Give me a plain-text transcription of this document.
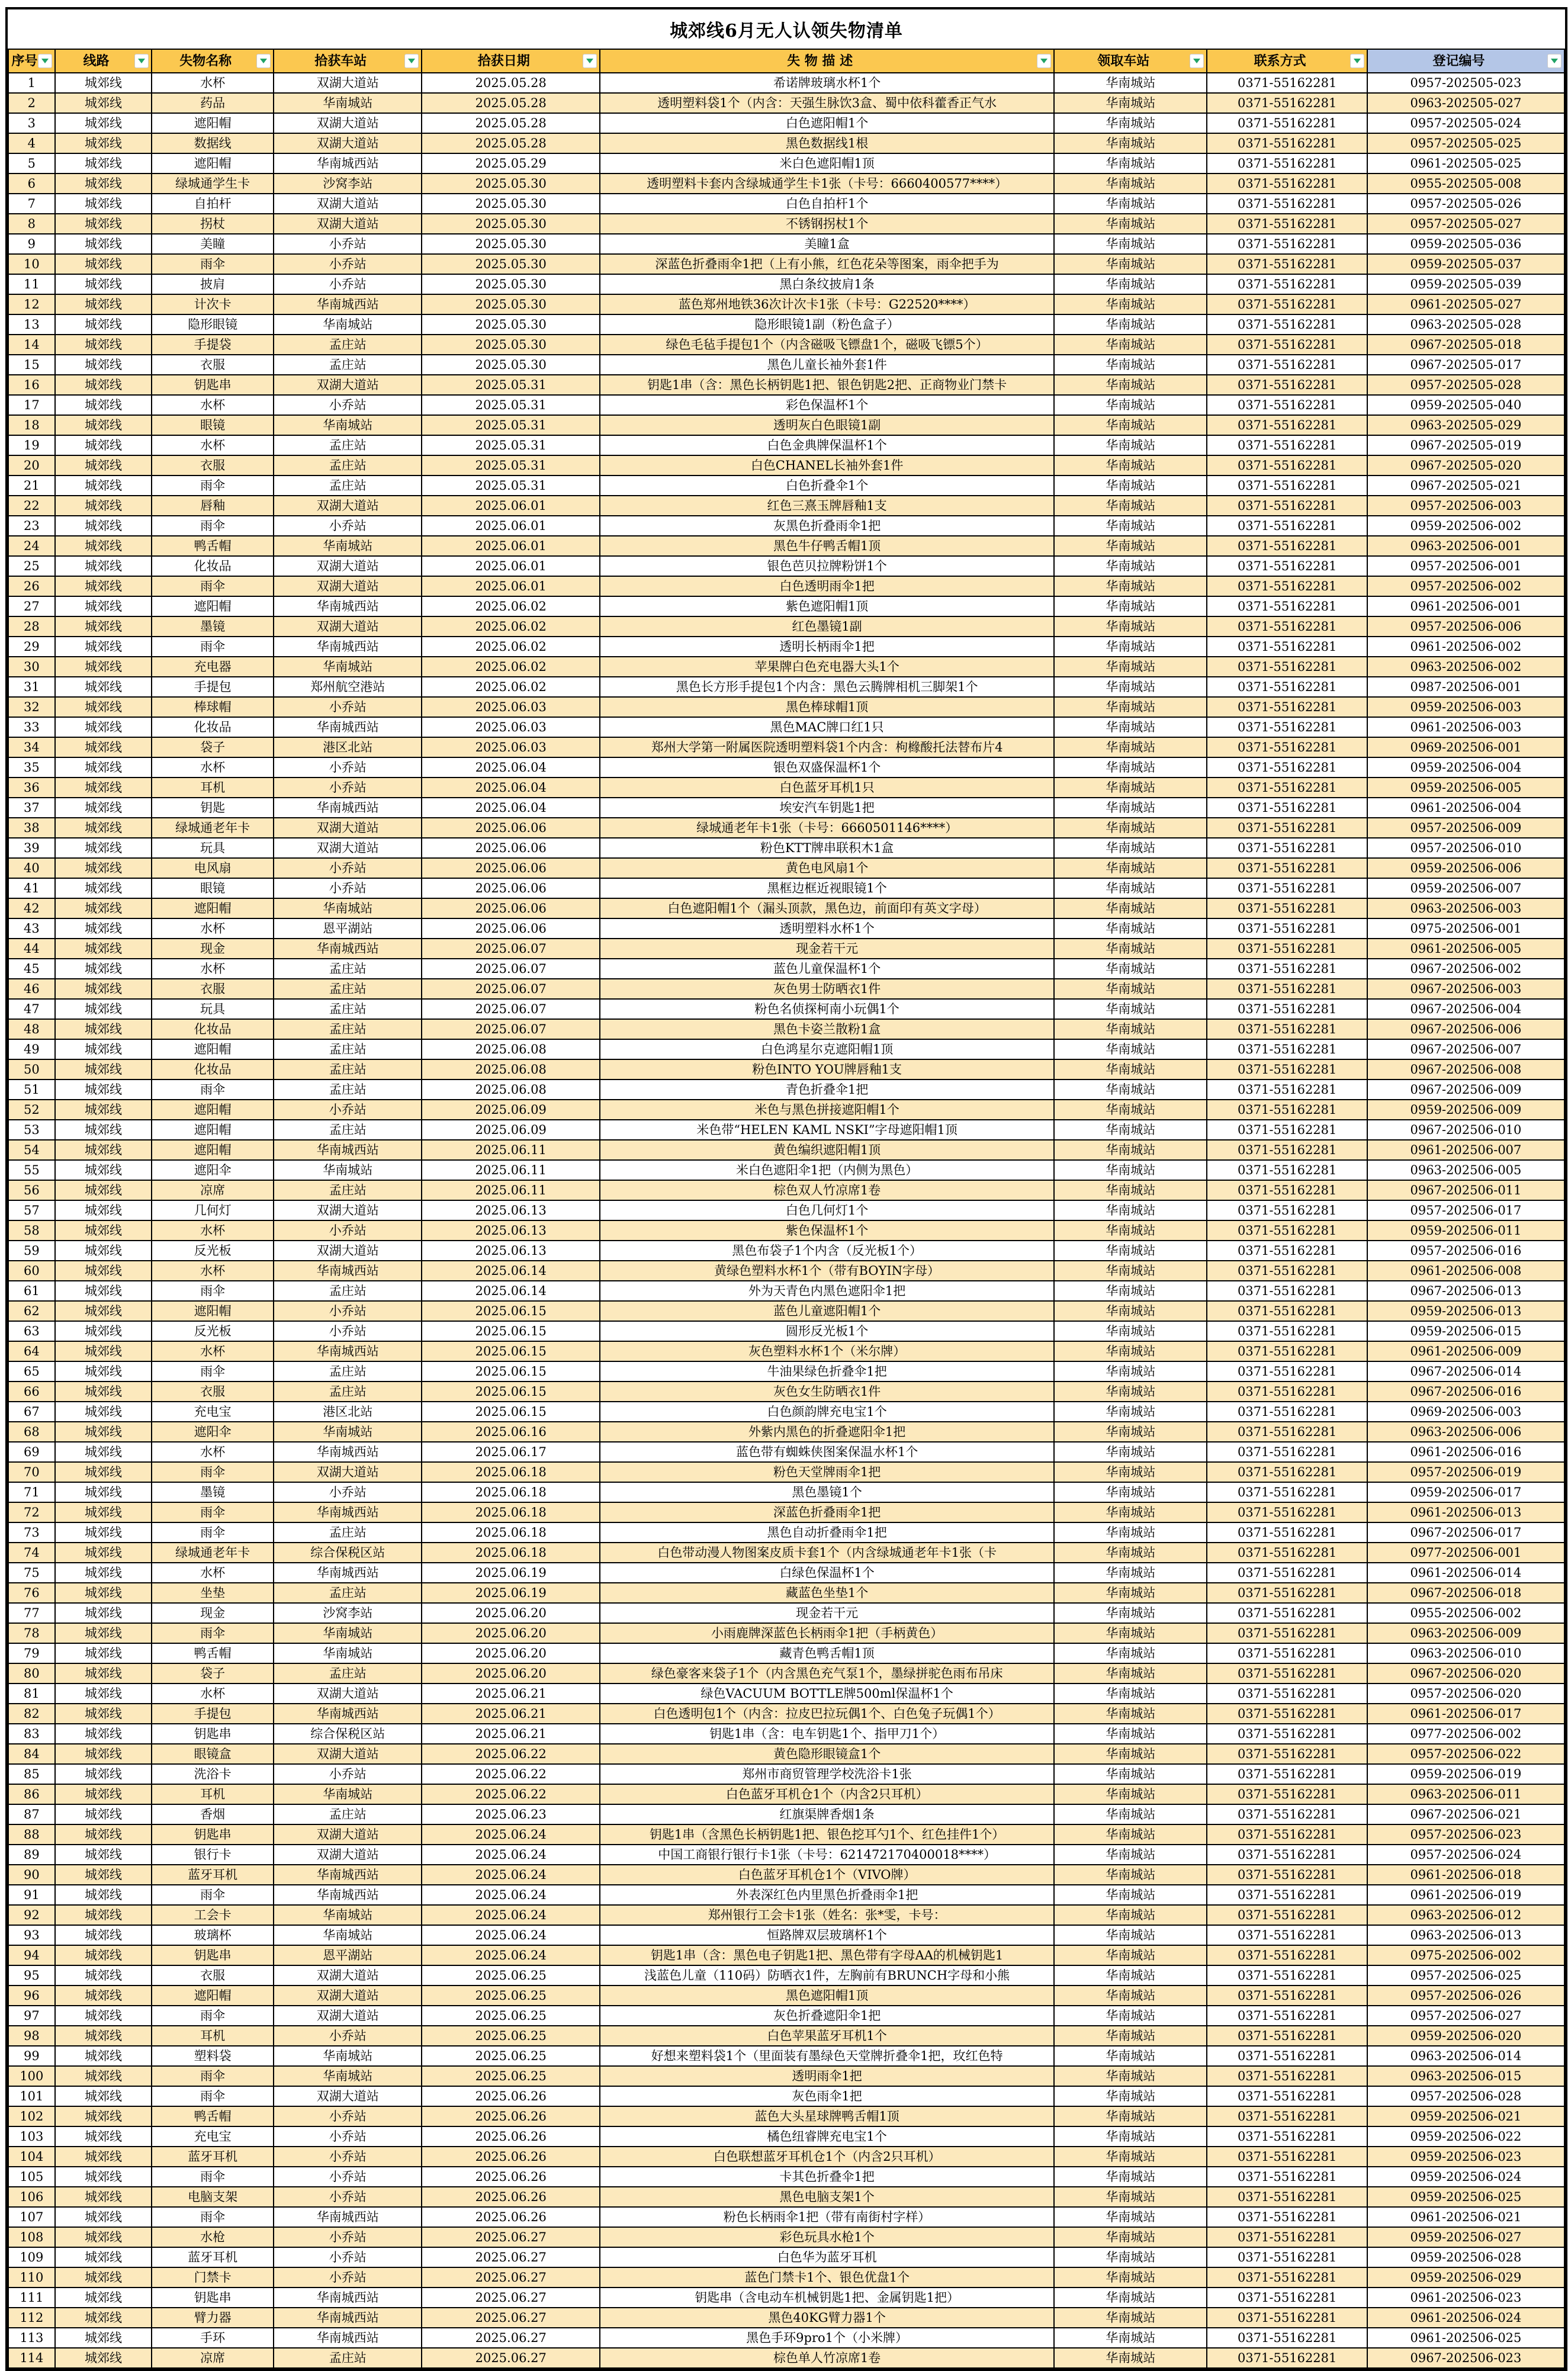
城郊线6月无人认领失物清单
序号	线路	失物名称	拾获车站	拾获日期	失 物 描 述	领取车站	联系方式	登记编号

1	城郊线	水杯	双湖大道站	2025.05.28	希诺牌玻璃水杯1个	华南城站	0371-55162281	0957-202505-023
2	城郊线	药品	华南城站	2025.05.28	透明塑料袋1个（内含：天强生脉饮3盒、蜀中依科藿香正气水	华南城站	0371-55162281	0963-202505-027
3	城郊线	遮阳帽	双湖大道站	2025.05.28	白色遮阳帽1个	华南城站	0371-55162281	0957-202505-024
4	城郊线	数据线	双湖大道站	2025.05.28	黑色数据线1根	华南城站	0371-55162281	0957-202505-025
5	城郊线	遮阳帽	华南城西站	2025.05.29	米白色遮阳帽1顶	华南城站	0371-55162281	0961-202505-025
6	城郊线	绿城通学生卡	沙窝李站	2025.05.30	透明塑料卡套内含绿城通学生卡1张（卡号：6660400577****）	华南城站	0371-55162281	0955-202505-008
7	城郊线	自拍杆	双湖大道站	2025.05.30	白色自拍杆1个	华南城站	0371-55162281	0957-202505-026
8	城郊线	拐杖	双湖大道站	2025.05.30	不锈钢拐杖1个	华南城站	0371-55162281	0957-202505-027
9	城郊线	美瞳	小乔站	2025.05.30	美瞳1盒	华南城站	0371-55162281	0959-202505-036
10	城郊线	雨伞	小乔站	2025.05.30	深蓝色折叠雨伞1把（上有小熊，红色花朵等图案，雨伞把手为	华南城站	0371-55162281	0959-202505-037
11	城郊线	披肩	小乔站	2025.05.30	黑白条纹披肩1条	华南城站	0371-55162281	0959-202505-039
12	城郊线	计次卡	华南城西站	2025.05.30	蓝色郑州地铁36次计次卡1张（卡号：G22520****）	华南城站	0371-55162281	0961-202505-027
13	城郊线	隐形眼镜	华南城站	2025.05.30	隐形眼镜1副（粉色盒子）	华南城站	0371-55162281	0963-202505-028
14	城郊线	手提袋	孟庄站	2025.05.30	绿色毛毡手提包1个（内含磁吸飞镖盘1个，磁吸飞镖5个）	华南城站	0371-55162281	0967-202505-018
15	城郊线	衣服	孟庄站	2025.05.30	黑色儿童长袖外套1件	华南城站	0371-55162281	0967-202505-017
16	城郊线	钥匙串	双湖大道站	2025.05.31	钥匙1串（含：黑色长柄钥匙1把、银色钥匙2把、正商物业门禁卡	华南城站	0371-55162281	0957-202505-028
17	城郊线	水杯	小乔站	2025.05.31	彩色保温杯1个	华南城站	0371-55162281	0959-202505-040
18	城郊线	眼镜	华南城站	2025.05.31	透明灰白色眼镜1副	华南城站	0371-55162281	0963-202505-029
19	城郊线	水杯	孟庄站	2025.05.31	白色金典牌保温杯1个	华南城站	0371-55162281	0967-202505-019
20	城郊线	衣服	孟庄站	2025.05.31	白色CHANEL长袖外套1件	华南城站	0371-55162281	0967-202505-020
21	城郊线	雨伞	孟庄站	2025.05.31	白色折叠伞1个	华南城站	0371-55162281	0967-202505-021
22	城郊线	唇釉	双湖大道站	2025.06.01	红色三熹玉牌唇釉1支	华南城站	0371-55162281	0957-202506-003
23	城郊线	雨伞	小乔站	2025.06.01	灰黑色折叠雨伞1把	华南城站	0371-55162281	0959-202506-002
24	城郊线	鸭舌帽	华南城站	2025.06.01	黑色牛仔鸭舌帽1顶	华南城站	0371-55162281	0963-202506-001
25	城郊线	化妆品	双湖大道站	2025.06.01	银色芭贝拉牌粉饼1个	华南城站	0371-55162281	0957-202506-001
26	城郊线	雨伞	双湖大道站	2025.06.01	白色透明雨伞1把	华南城站	0371-55162281	0957-202506-002
27	城郊线	遮阳帽	华南城西站	2025.06.02	紫色遮阳帽1顶	华南城站	0371-55162281	0961-202506-001
28	城郊线	墨镜	双湖大道站	2025.06.02	红色墨镜1副	华南城站	0371-55162281	0957-202506-006
29	城郊线	雨伞	华南城西站	2025.06.02	透明长柄雨伞1把	华南城站	0371-55162281	0961-202506-002
30	城郊线	充电器	华南城站	2025.06.02	苹果牌白色充电器大头1个	华南城站	0371-55162281	0963-202506-002
31	城郊线	手提包	郑州航空港站	2025.06.02	黑色长方形手提包1个内含：黑色云腾牌相机三脚架1个	华南城站	0371-55162281	0987-202506-001
32	城郊线	棒球帽	小乔站	2025.06.03	黑色棒球帽1顶	华南城站	0371-55162281	0959-202506-003
33	城郊线	化妆品	华南城西站	2025.06.03	黑色MAC牌口红1只	华南城站	0371-55162281	0961-202506-003
34	城郊线	袋子	港区北站	2025.06.03	郑州大学第一附属医院透明塑料袋1个内含：枸橼酸托法替布片4	华南城站	0371-55162281	0969-202506-001
35	城郊线	水杯	小乔站	2025.06.04	银色双盛保温杯1个	华南城站	0371-55162281	0959-202506-004
36	城郊线	耳机	小乔站	2025.06.04	白色蓝牙耳机1只	华南城站	0371-55162281	0959-202506-005
37	城郊线	钥匙	华南城西站	2025.06.04	埃安汽车钥匙1把	华南城站	0371-55162281	0961-202506-004
38	城郊线	绿城通老年卡	双湖大道站	2025.06.06	绿城通老年卡1张（卡号：6660501146****）	华南城站	0371-55162281	0957-202506-009
39	城郊线	玩具	双湖大道站	2025.06.06	粉色KTT牌串联积木1盒	华南城站	0371-55162281	0957-202506-010
40	城郊线	电风扇	小乔站	2025.06.06	黄色电风扇1个	华南城站	0371-55162281	0959-202506-006
41	城郊线	眼镜	小乔站	2025.06.06	黑框边框近视眼镜1个	华南城站	0371-55162281	0959-202506-007
42	城郊线	遮阳帽	华南城站	2025.06.06	白色遮阳帽1个（漏头顶款，黑色边，前面印有英文字母）	华南城站	0371-55162281	0963-202506-003
43	城郊线	水杯	恩平湖站	2025.06.06	透明塑料水杯1个	华南城站	0371-55162281	0975-202506-001
44	城郊线	现金	华南城西站	2025.06.07	现金若干元	华南城站	0371-55162281	0961-202506-005
45	城郊线	水杯	孟庄站	2025.06.07	蓝色儿童保温杯1个	华南城站	0371-55162281	0967-202506-002
46	城郊线	衣服	孟庄站	2025.06.07	灰色男士防晒衣1件	华南城站	0371-55162281	0967-202506-003
47	城郊线	玩具	孟庄站	2025.06.07	粉色名侦探柯南小玩偶1个	华南城站	0371-55162281	0967-202506-004
48	城郊线	化妆品	孟庄站	2025.06.07	黑色卡姿兰散粉1盒	华南城站	0371-55162281	0967-202506-006
49	城郊线	遮阳帽	孟庄站	2025.06.08	白色鸿星尔克遮阳帽1顶	华南城站	0371-55162281	0967-202506-007
50	城郊线	化妆品	孟庄站	2025.06.08	粉色INTO YOU牌唇釉1支	华南城站	0371-55162281	0967-202506-008
51	城郊线	雨伞	孟庄站	2025.06.08	青色折叠伞1把	华南城站	0371-55162281	0967-202506-009
52	城郊线	遮阳帽	小乔站	2025.06.09	米色与黑色拼接遮阳帽1个	华南城站	0371-55162281	0959-202506-009
53	城郊线	遮阳帽	孟庄站	2025.06.09	米色带“HELEN KAML NSKI”字母遮阳帽1顶	华南城站	0371-55162281	0967-202506-010
54	城郊线	遮阳帽	华南城西站	2025.06.11	黄色编织遮阳帽1顶	华南城站	0371-55162281	0961-202506-007
55	城郊线	遮阳伞	华南城站	2025.06.11	米白色遮阳伞1把（内侧为黑色）	华南城站	0371-55162281	0963-202506-005
56	城郊线	凉席	孟庄站	2025.06.11	棕色双人竹凉席1卷	华南城站	0371-55162281	0967-202506-011
57	城郊线	几何灯	双湖大道站	2025.06.13	白色几何灯1个	华南城站	0371-55162281	0957-202506-017
58	城郊线	水杯	小乔站	2025.06.13	紫色保温杯1个	华南城站	0371-55162281	0959-202506-011
59	城郊线	反光板	双湖大道站	2025.06.13	黑色布袋子1个内含（反光板1个）	华南城站	0371-55162281	0957-202506-016
60	城郊线	水杯	华南城西站	2025.06.14	黄绿色塑料水杯1个（带有BOYIN字母）	华南城站	0371-55162281	0961-202506-008
61	城郊线	雨伞	孟庄站	2025.06.14	外为天青色内黑色遮阳伞1把	华南城站	0371-55162281	0967-202506-013
62	城郊线	遮阳帽	小乔站	2025.06.15	蓝色儿童遮阳帽1个	华南城站	0371-55162281	0959-202506-013
63	城郊线	反光板	小乔站	2025.06.15	圆形反光板1个	华南城站	0371-55162281	0959-202506-015
64	城郊线	水杯	华南城西站	2025.06.15	灰色塑料水杯1个（米尔牌）	华南城站	0371-55162281	0961-202506-009
65	城郊线	雨伞	孟庄站	2025.06.15	牛油果绿色折叠伞1把	华南城站	0371-55162281	0967-202506-014
66	城郊线	衣服	孟庄站	2025.06.15	灰色女生防晒衣1件	华南城站	0371-55162281	0967-202506-016
67	城郊线	充电宝	港区北站	2025.06.15	白色颜韵牌充电宝1个	华南城站	0371-55162281	0969-202506-003
68	城郊线	遮阳伞	华南城站	2025.06.16	外紫内黑色的折叠遮阳伞1把	华南城站	0371-55162281	0963-202506-006
69	城郊线	水杯	华南城西站	2025.06.17	蓝色带有蜘蛛侠图案保温水杯1个	华南城站	0371-55162281	0961-202506-016
70	城郊线	雨伞	双湖大道站	2025.06.18	粉色天堂牌雨伞1把	华南城站	0371-55162281	0957-202506-019
71	城郊线	墨镜	小乔站	2025.06.18	黑色墨镜1个	华南城站	0371-55162281	0959-202506-017
72	城郊线	雨伞	华南城西站	2025.06.18	深蓝色折叠雨伞1把	华南城站	0371-55162281	0961-202506-013
73	城郊线	雨伞	孟庄站	2025.06.18	黑色自动折叠雨伞1把	华南城站	0371-55162281	0967-202506-017
74	城郊线	绿城通老年卡	综合保税区站	2025.06.18	白色带动漫人物图案皮质卡套1个（内含绿城通老年卡1张（卡	华南城站	0371-55162281	0977-202506-001
75	城郊线	水杯	华南城西站	2025.06.19	白绿色保温杯1个	华南城站	0371-55162281	0961-202506-014
76	城郊线	坐垫	孟庄站	2025.06.19	藏蓝色坐垫1个	华南城站	0371-55162281	0967-202506-018
77	城郊线	现金	沙窝李站	2025.06.20	现金若干元	华南城站	0371-55162281	0955-202506-002
78	城郊线	雨伞	华南城站	2025.06.20	小雨鹿牌深蓝色长柄雨伞1把（手柄黄色）	华南城站	0371-55162281	0963-202506-009
79	城郊线	鸭舌帽	华南城站	2025.06.20	藏青色鸭舌帽1顶	华南城站	0371-55162281	0963-202506-010
80	城郊线	袋子	孟庄站	2025.06.20	绿色豪客来袋子1个（内含黑色充气泵1个，墨绿拼驼色雨布吊床	华南城站	0371-55162281	0967-202506-020
81	城郊线	水杯	双湖大道站	2025.06.21	绿色VACUUM BOTTLE牌500ml保温杯1个	华南城站	0371-55162281	0957-202506-020
82	城郊线	手提包	华南城西站	2025.06.21	白色透明包1个（内含：拉皮巴拉玩偶1个、白色兔子玩偶1个）	华南城站	0371-55162281	0961-202506-017
83	城郊线	钥匙串	综合保税区站	2025.06.21	钥匙1串（含：电车钥匙1个、指甲刀1个）	华南城站	0371-55162281	0977-202506-002
84	城郊线	眼镜盒	双湖大道站	2025.06.22	黄色隐形眼镜盒1个	华南城站	0371-55162281	0957-202506-022
85	城郊线	洗浴卡	小乔站	2025.06.22	郑州市商贸管理学校洗浴卡1张	华南城站	0371-55162281	0959-202506-019
86	城郊线	耳机	华南城站	2025.06.22	白色蓝牙耳机仓1个（内含2只耳机）	华南城站	0371-55162281	0963-202506-011
87	城郊线	香烟	孟庄站	2025.06.23	红旗渠牌香烟1条	华南城站	0371-55162281	0967-202506-021
88	城郊线	钥匙串	双湖大道站	2025.06.24	钥匙1串（含黑色长柄钥匙1把、银色挖耳勺1个、红色挂件1个）	华南城站	0371-55162281	0957-202506-023
89	城郊线	银行卡	双湖大道站	2025.06.24	中国工商银行银行卡1张（卡号：621472170400018****）	华南城站	0371-55162281	0957-202506-024
90	城郊线	蓝牙耳机	华南城西站	2025.06.24	白色蓝牙耳机仓1个（VIVO牌）	华南城站	0371-55162281	0961-202506-018
91	城郊线	雨伞	华南城西站	2025.06.24	外表深红色内里黑色折叠雨伞1把	华南城站	0371-55162281	0961-202506-019
92	城郊线	工会卡	华南城站	2025.06.24	郑州银行工会卡1张（姓名：张*雯，卡号：	华南城站	0371-55162281	0963-202506-012
93	城郊线	玻璃杯	华南城站	2025.06.24	恒路牌双层玻璃杯1个	华南城站	0371-55162281	0963-202506-013
94	城郊线	钥匙串	恩平湖站	2025.06.24	钥匙1串（含：黑色电子钥匙1把、黑色带有字母AA的机械钥匙1	华南城站	0371-55162281	0975-202506-002
95	城郊线	衣服	双湖大道站	2025.06.25	浅蓝色儿童（110码）防晒衣1件，左胸前有BRUNCH字母和小熊	华南城站	0371-55162281	0957-202506-025
96	城郊线	遮阳帽	双湖大道站	2025.06.25	黑色遮阳帽1顶	华南城站	0371-55162281	0957-202506-026
97	城郊线	雨伞	双湖大道站	2025.06.25	灰色折叠遮阳伞1把	华南城站	0371-55162281	0957-202506-027
98	城郊线	耳机	小乔站	2025.06.25	白色苹果蓝牙耳机1个	华南城站	0371-55162281	0959-202506-020
99	城郊线	塑料袋	华南城站	2025.06.25	好想来塑料袋1个（里面装有墨绿色天堂牌折叠伞1把，玫红色特	华南城站	0371-55162281	0963-202506-014
100	城郊线	雨伞	华南城站	2025.06.25	透明雨伞1把	华南城站	0371-55162281	0963-202506-015
101	城郊线	雨伞	双湖大道站	2025.06.26	灰色雨伞1把	华南城站	0371-55162281	0957-202506-028
102	城郊线	鸭舌帽	小乔站	2025.06.26	蓝色大头星球牌鸭舌帽1顶	华南城站	0371-55162281	0959-202506-021
103	城郊线	充电宝	小乔站	2025.06.26	橘色纽睿牌充电宝1个	华南城站	0371-55162281	0959-202506-022
104	城郊线	蓝牙耳机	小乔站	2025.06.26	白色联想蓝牙耳机仓1个（内含2只耳机）	华南城站	0371-55162281	0959-202506-023
105	城郊线	雨伞	小乔站	2025.06.26	卡其色折叠伞1把	华南城站	0371-55162281	0959-202506-024
106	城郊线	电脑支架	小乔站	2025.06.26	黑色电脑支架1个	华南城站	0371-55162281	0959-202506-025
107	城郊线	雨伞	华南城西站	2025.06.26	粉色长柄雨伞1把（带有南街村字样）	华南城站	0371-55162281	0961-202506-021
108	城郊线	水枪	小乔站	2025.06.27	彩色玩具水枪1个	华南城站	0371-55162281	0959-202506-027
109	城郊线	蓝牙耳机	小乔站	2025.06.27	白色华为蓝牙耳机	华南城站	0371-55162281	0959-202506-028
110	城郊线	门禁卡	小乔站	2025.06.27	蓝色门禁卡1个、银色优盘1个	华南城站	0371-55162281	0959-202506-029
111	城郊线	钥匙串	华南城西站	2025.06.27	钥匙串（含电动车机械钥匙1把、金属钥匙1把）	华南城站	0371-55162281	0961-202506-023
112	城郊线	臂力器	华南城西站	2025.06.27	黑色40KG臂力器1个	华南城站	0371-55162281	0961-202506-024
113	城郊线	手环	华南城西站	2025.06.27	黑色手环9pro1个（小米牌）	华南城站	0371-55162281	0961-202506-025
114	城郊线	凉席	孟庄站	2025.06.27	棕色单人竹凉席1卷	华南城站	0371-55162281	0967-202506-023
